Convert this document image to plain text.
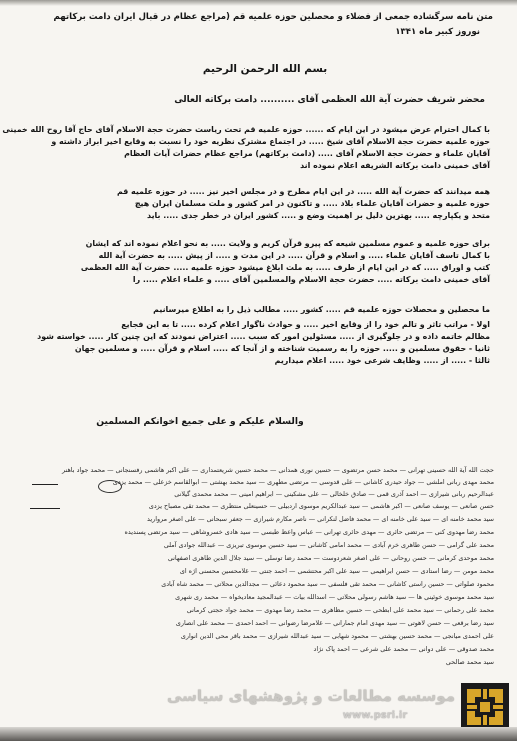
متن نامه سرگشاده جمعی از فضلاء و محصلین حوزه علمیه قم (مراجع عظام در قبال ایران دامت برکاتهم
نوروز کبیر ماه ۱۳۴۱
بسم الله الرحمن الرحیم
محضر شریف حضرت آیة الله العظمی آقای .......... دامت برکاته العالی
با کمال احترام عرض میشود در این ایام که ...... حوزه علمیه قم تحت ریاست حضرت حجة الاسلام آقای حاج آقا روح الله خمینی
حوزه علمیه حضرت حجة الاسلام آقای شیخ ..... در اجتماع مشترک نظریه خود را نسبت به وقایع اخیر ابراز داشته و
آقایان علماء و حضرت حجة الاسلام آقای ..... (دامت برکاتهم) مراجع عظام حضرات آیات العظام
آقای خمینی دامت برکاته الشریفه اعلام نموده اند
همه میدانند که حضرت آیة الله ..... در این ایام مطرح و در مجلس اخیر نیز ..... در حوزه علمیه قم
حوزه علمیه و حضرات آقایان علماء بلاد ..... و تاکنون در امر کشور و ملت مسلمان ایران هیچ
متحد و یکپارچه ..... بهترین دلیل بر اهمیت وضع و ..... کشور ایران در خطر جدی ..... باید
برای حوزه علمیه و عموم مسلمین شیعه که پیرو قرآن کریم و ولایت ..... به نحو اعلام نموده اند که ایشان
با کمال تاسف آقایان علماء ..... و اسلام و قرآن ..... در این مدت و ..... از پیش ..... به حضرت آیة الله
کتب و اوراق ..... که در این ایام از طرف ..... به ملت ابلاغ میشود حوزه علمیه ..... حضرت آیة الله العظمی
آقای خمینی دامت برکاته ..... حضرت حجة الاسلام والمسلمین آقای ..... و علماء اعلام ..... را
ما محصلین و محصلات حوزه علمیه قم ..... کشور ..... مطالب ذیل را به اطلاع میرسانیم
اولا - مراتب تاثر و تالم خود را از وقایع اخیر ..... و حوادث ناگوار اعلام کرده ..... تا به این فجایع
مظالم خاتمه داده و در جلوگیری از ..... مسئولین امور که سبب ..... اعتراض نمودند که این چنین کار ..... خواسته شود
ثانیا - حقوق مسلمین و ..... حوزه را به رسمیت شناخته و از آنجا که ..... اسلام و قرآن ..... و مسلمین جهان
ثالثا - ..... از ..... وظایف شرعی خود ..... اعلام میداریم
والسلام علیکم و علی جمیع اخوانکم المسلمین
حجت الله آیة الله حسینی تهرانی — محمد حسن مرتضوی — حسین نوری همدانی — محمد حسین شریعتمداری — علی اکبر هاشمی رفسنجانی — محمد جواد باهنر
محمد مهدی ربانی املشی — جواد حیدری کاشانی — علی قدوسی — مرتضی مطهری — سید محمد بهشتی — ابوالقاسم خزعلی — محمد یزدی
عبدالرحیم ربانی شیرازی — احمد آذری قمی — صادق خلخالی — علی مشکینی — ابراهیم امینی — محمد محمدی گیلانی
حسن صانعی — یوسف صانعی — اکبر هاشمی — سید عبدالکریم موسوی اردبیلی — حسینعلی منتظری — محمد تقی مصباح یزدی
سید محمد خامنه ای — سید علی خامنه ای — محمد فاضل لنکرانی — ناصر مکارم شیرازی — جعفر سبحانی — علی اصغر مروارید
محمد رضا مهدوی کنی — مرتضی حائری — مهدی حائری تهرانی — عباس واعظ طبسی — سید هادی خسروشاهی — سید مرتضی پسندیده
محمد علی گرامی — حسن طاهری خرم آبادی — محمد امامی کاشانی — سید حسین موسوی تبریزی — عبدالله جوادی آملی
محمد موحدی کرمانی — حسن روحانی — علی اصغر شعردوست — محمد رضا توسلی — سید جلال الدین طاهری اصفهانی
محمد مومن — رضا استادی — حسن ابراهیمی — سید علی اکبر محتشمی — احمد جنتی — غلامحسین محسنی اژه ای
محمود صلواتی — حسین راستی کاشانی — محمد تقی فلسفی — سید محمود دعائی — مجدالدین محلاتی — محمد شاه آبادی
سید محمد موسوی خوئینی ها — سید هاشم رسولی محلاتی — اسدالله بیات — عبدالمجید معادیخواه — محمد ری شهری
محمد علی رحمانی — سید محمد علی ابطحی — حسین مظاهری — محمد رضا مهدوی — محمد جواد حجتی کرمانی
سید رضا برقعی — حسن لاهوتی — سید مهدی امام جمارانی — غلامرضا رضوانی — احمد احمدی — محمد علی انصاری
علی احمدی میانجی — محمد حسین بهشتی — محمود شهابی — سید عبدالله شیرازی — محمد باقر محی الدین انواری
محمد صدوقی — علی دوانی — محمد علی شرعی — احمد پاک نژاد
سید محمد صالحی
موسسه مطالعات و پژوهشهای سیاسی
www.psri.ir
